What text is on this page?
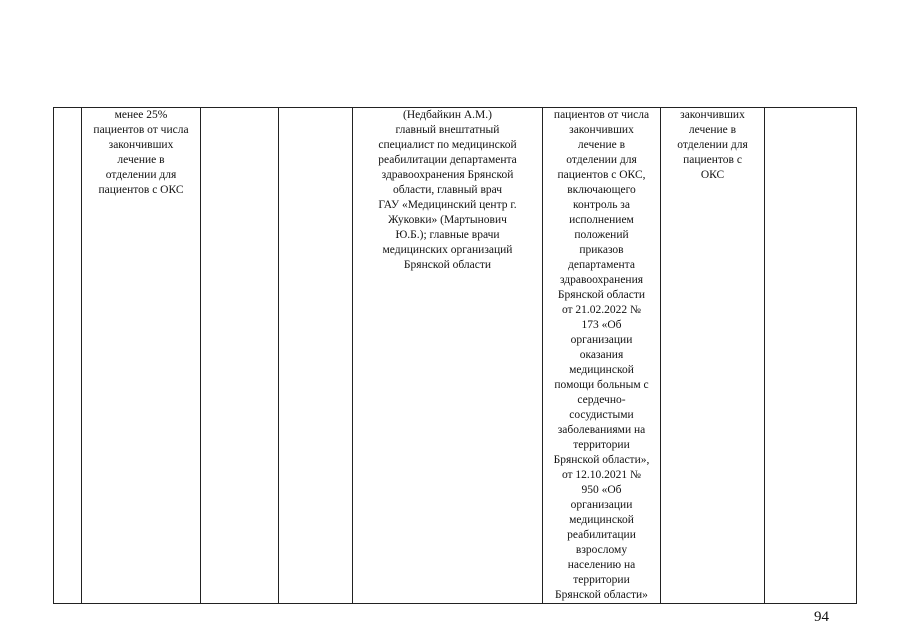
	менее 25%
пациентов от числа
закончивших
лечение в
отделении для
пациентов с ОКС			(Недбайкин А.М.)
главный внештатный
специалист по медицинской
реабилитации департамента
здравоохранения Брянской
области, главный врач
ГАУ «Медицинский центр г.
Жуковки» (Мартынович
Ю.Б.); главные врачи
медицинских организаций
Брянской области	пациентов от числа
закончивших
лечение в
отделении для
пациентов с ОКС,
включающего
контроль за
исполнением
положений
приказов
департамента
здравоохранения
Брянской области
от 21.02.2022 №
173 «Об
организации
оказания
медицинской
помощи больным с
сердечно-
сосудистыми
заболеваниями на
территории
Брянской области»,
от 12.10.2021 №
950 «Об
организации
медицинской
реабилитации
взрослому
населению на
территории
Брянской области»	закончивших
лечение в
отделении для
пациентов с
ОКС	
94
